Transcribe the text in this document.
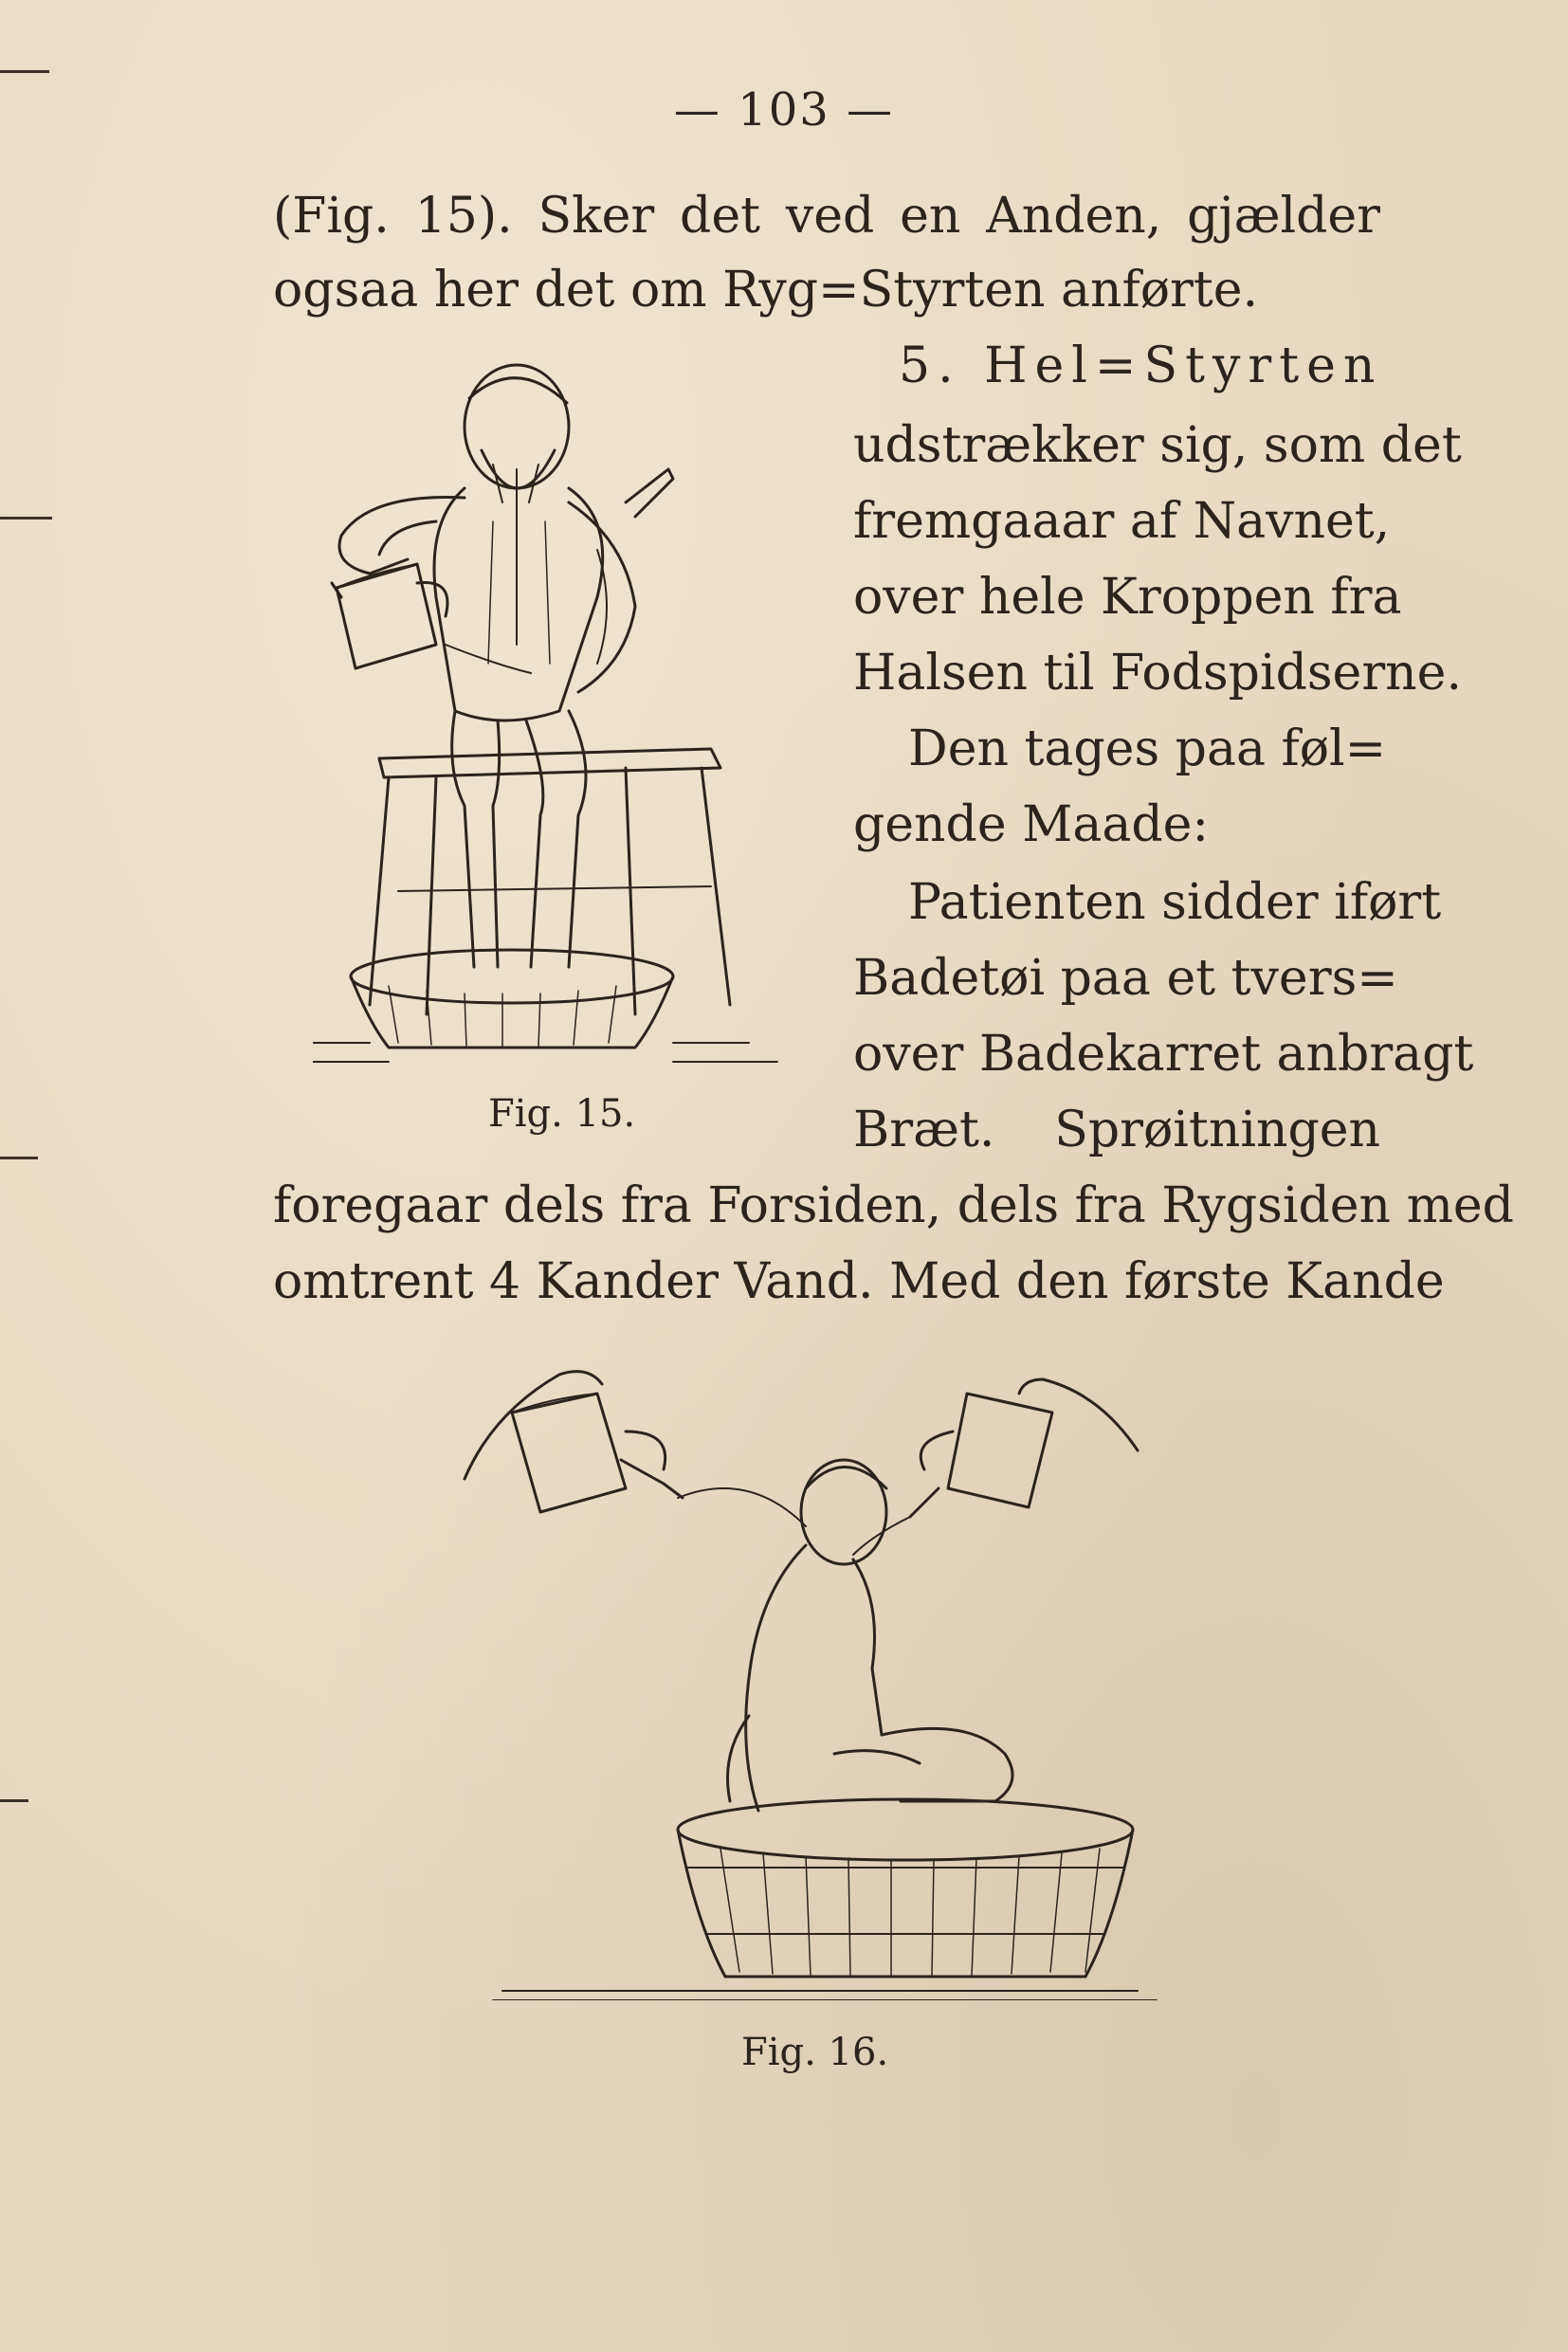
— 103 —
(Fig. 15). Sker det ved en Anden, gjælder
ogsaa her det om Ryg=Styrten anførte.
5. Hel=Styrten
udstrækker sig, som det
fremgaaar af Navnet,
over hele Kroppen fra
Halsen til Fodspidserne.
Den tages paa føl=
gende Maade:
Patienten sidder iført
Badetøi paa et tvers=
over Badekarret anbragt
Bræt. Sprøitningen
foregaar dels fra Forsiden, dels fra Rygsiden med
omtrent 4 Kander Vand. Med den første Kande
Fig. 15.
Fig. 16.
